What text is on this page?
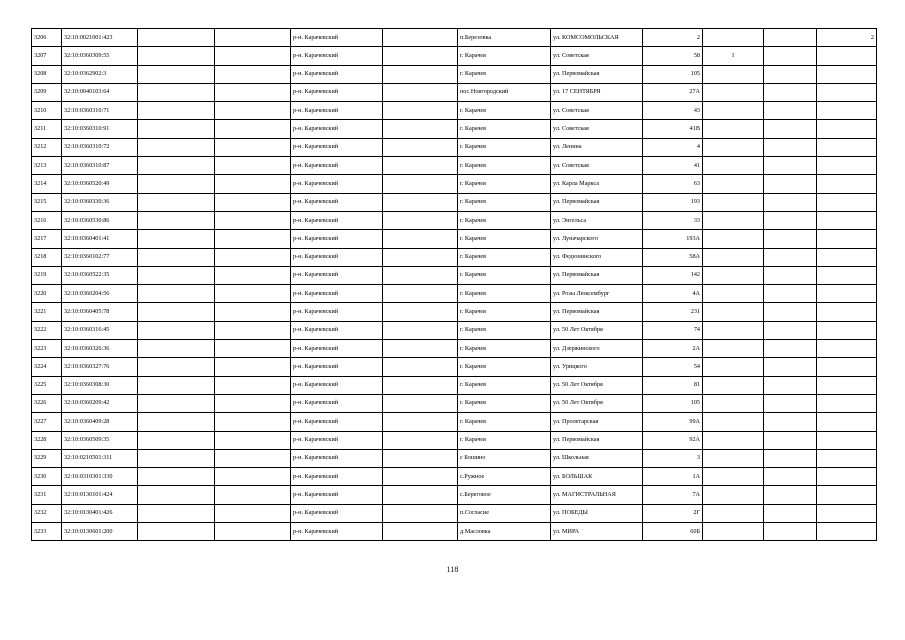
3206	32:10:0021001:423			р-н. Карачевский		п.Березовка	ул. КОМСОМОЛЬСКАЯ	2			2
3207	32:10:0360309:55			р-н. Карачевский		г. Карачев	ул. Советская	58	1		
3208	32:10:0362902:3			р-н. Карачевский		г. Карачев	ул. Первомайская	105			
3209	32:10:0040103:64			р-н. Карачевский		пос.Новгородский	ул. 17 СЕНТЯБРЯ	27А			
3210	32:10:0360310:71			р-н. Карачевский		г. Карачев	ул. Советская	43			
3211	32:10:0360310:91			р-н. Карачевский		г. Карачев	ул. Советская	41В			
3212	32:10:0360310:72			р-н. Карачевский		г. Карачев	ул. Ленина	4			
3213	32:10:0360310:87			р-н. Карачевский		г. Карачев	ул. Советская	41			
3214	32:10:0360520:49			р-н. Карачевский		г. Карачев	ул. Карла Маркса	63			
3215	32:10:0360330:36			р-н. Карачевский		г. Карачев	ул. Первомайская	193			
3216	32:10:0360530:86			р-н. Карачевский		г. Карачев	ул. Энгельса	33			
3217	32:10:0360401:41			р-н. Карачевский		г. Карачев	ул. Луначарского	193А			
3218	32:10:0360102:77			р-н. Карачевский		г. Карачев	ул. Федюнинского	58А			
3219	32:10:0360522:35			р-н. Карачевский		г. Карачев	ул. Первомайская	142			
3220	32:10:0360204:56			р-н. Карачевский		г. Карачев	ул. Розы Люксембург	4А			
3221	32:10:0360405:78			р-н. Карачевский		г. Карачев	ул. Первомайская	231			
3222	32:10:0360316:45			р-н. Карачевский		г. Карачев	ул. 50 Лет Октября	74			
3223	32:10:0360326:36			р-н. Карачевский		г. Карачев	ул. Дзержинского	2А			
3224	32:10:0360327:76			р-н. Карачевский		г. Карачев	ул. Урицкого	54			
3225	32:10:0360308:30			р-н. Карачевский		г. Карачев	ул. 50 Лет Октября	81			
3226	32:10:0360209:42			р-н. Карачевский		г. Карачев	ул. 50 Лет Октября	105			
3227	32:10:0360409:28			р-н. Карачевский		г. Карачев	ул. Пролетарская	99А			
3228	32:10:0360509:35			р-н. Карачевский		г. Карачев	ул. Первомайская	92А			
3229	32:10:0210501:311			р-н. Карачевский		с Бошино	ул. Школьная	3			
3230	32:10:0310301:330			р-н. Карачевский		с.Ружное	ул. БОЛЬШАК	1А			
3231	32:10:0130101:424			р-н. Карачевский		с.Береговое	ул. МАГИСТРАЛЬНАЯ	7А			
3232	32:10:0130401:426			р-н. Карачевский		п.Согласие	ул. ПОБЕДЫ	2Г			
3233	32:10:0130601:200			р-н. Карачевский		д.Масловка	ул. МИРА	60Б			
118
